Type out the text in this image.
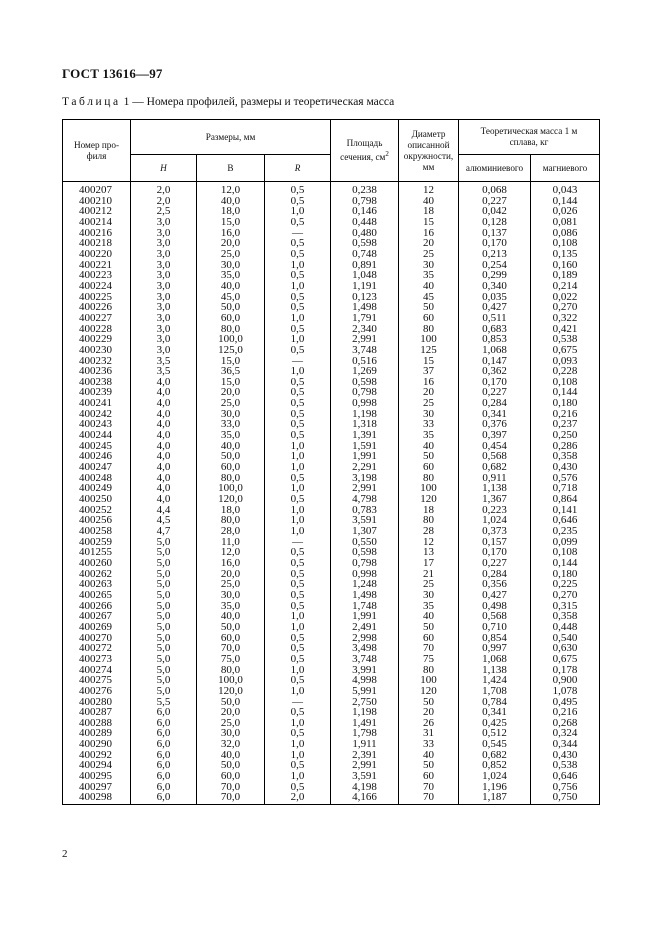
ГОСТ 13616—97
Таблица 1 — Номера профилей, размеры и теоретическая масса
Номер про-
филя	Размеры, мм			Площадь
сечения, $см^2$	Диаметр
описанной
окружности,
мм	Теоретическая масса 1 м
сплава, кг	
	H	B	R			алюминиевого	магниевого
400207	2,0	12,0	0,5	0,238	12	0,068	0,043
400210	2,0	40,0	0,5	0,798	40	0,227	0,144
400212	2,5	18,0	1,0	0,146	18	0,042	0,026
400214	3,0	15,0	0,5	0,448	15	0,128	0,081
400216	3,0	16,0	—	0,480	16	0,137	0,086
400218	3,0	20,0	0,5	0,598	20	0,170	0,108
400220	3,0	25,0	0,5	0,748	25	0,213	0,135
400221	3,0	30,0	1,0	0,891	30	0,254	0,160
400223	3,0	35,0	0,5	1,048	35	0,299	0,189
400224	3,0	40,0	1,0	1,191	40	0,340	0,214
400225	3,0	45,0	0,5	0,123	45	0,035	0,022
400226	3,0	50,0	0,5	1,498	50	0,427	0,270
400227	3,0	60,0	1,0	1,791	60	0,511	0,322
400228	3,0	80,0	0,5	2,340	80	0,683	0,421
400229	3,0	100,0	1,0	2,991	100	0,853	0,538
400230	3,0	125,0	0,5	3,748	125	1,068	0,675
400232	3,5	15,0	—	0,516	15	0,147	0,093
400236	3,5	36,5	1,0	1,269	37	0,362	0,228
400238	4,0	15,0	0,5	0,598	16	0,170	0,108
400239	4,0	20,0	0,5	0,798	20	0,227	0,144
400241	4,0	25,0	0,5	0,998	25	0,284	0,180
400242	4,0	30,0	0,5	1,198	30	0,341	0,216
400243	4,0	33,0	0,5	1,318	33	0,376	0,237
400244	4,0	35,0	0,5	1,391	35	0,397	0,250
400245	4,0	40,0	1,0	1,591	40	0,454	0,286
400246	4,0	50,0	1,0	1,991	50	0,568	0,358
400247	4,0	60,0	1,0	2,291	60	0,682	0,430
400248	4,0	80,0	0,5	3,198	80	0,911	0,576
400249	4,0	100,0	1,0	2,991	100	1,138	0,718
400250	4,0	120,0	0,5	4,798	120	1,367	0,864
400252	4,4	18,0	1,0	0,783	18	0,223	0,141
400256	4,5	80,0	1,0	3,591	80	1,024	0,646
400258	4,7	28,0	1,0	1,307	28	0,373	0,235
400259	5,0	11,0	—	0,550	12	0,157	0,099
401255	5,0	12,0	0,5	0,598	13	0,170	0,108
400260	5,0	16,0	0,5	0,798	17	0,227	0,144
400262	5,0	20,0	0,5	0,998	21	0,284	0,180
400263	5,0	25,0	0,5	1,248	25	0,356	0,225
400265	5,0	30,0	0,5	1,498	30	0,427	0,270
400266	5,0	35,0	0,5	1,748	35	0,498	0,315
400267	5,0	40,0	1,0	1,991	40	0,568	0,358
400269	5,0	50,0	1,0	2,491	50	0,710	0,448
400270	5,0	60,0	0,5	2,998	60	0,854	0,540
400272	5,0	70,0	0,5	3,498	70	0,997	0,630
400273	5,0	75,0	0,5	3,748	75	1,068	0,675
400274	5,0	80,0	1,0	3,991	80	1,138	0,178
400275	5,0	100,0	0,5	4,998	100	1,424	0,900
400276	5,0	120,0	1,0	5,991	120	1,708	1,078
400280	5,5	50,0	—	2,750	50	0,784	0,495
400287	6,0	20,0	0,5	1,198	20	0,341	0,216
400288	6,0	25,0	1,0	1,491	26	0,425	0,268
400289	6,0	30,0	0,5	1,798	31	0,512	0,324
400290	6,0	32,0	1,0	1,911	33	0,545	0,344
400292	6,0	40,0	1,0	2,391	40	0,682	0,430
400294	6,0	50,0	0,5	2,991	50	0,852	0,538
400295	6,0	60,0	1,0	3,591	60	1,024	0,646
400297	6,0	70,0	0,5	4,198	70	1,196	0,756
400298	6,0	70,0	2,0	4,166	70	1,187	0,750
2
